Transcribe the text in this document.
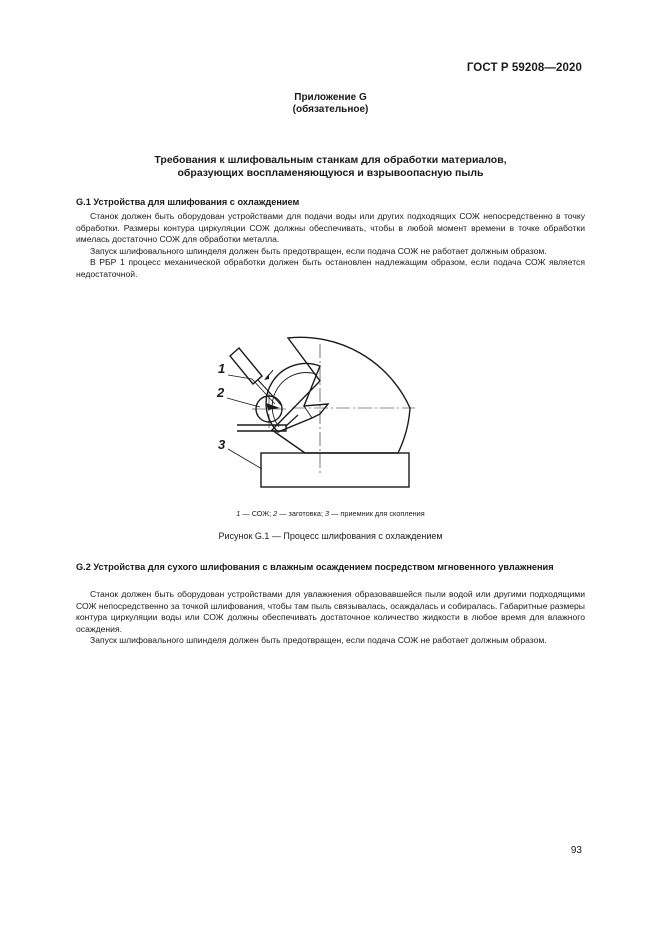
ГОСТ Р 59208—2020
Приложение G
(обязательное)
Требования к шлифовальным станкам для обработки материалов,
образующих воспламеняющуюся и взрывоопасную пыль
G.1 Устройства для шлифования с охлаждением

Станок должен быть оборудован устройствами для подачи воды или других подходящих СОЖ непосредственно в точку обработки. Размеры контура циркуляции СОЖ должны обеспечивать, чтобы в любой момент времени в точке обработки имелась достаточно СОЖ для обработки металла.

Запуск шлифовального шпинделя должен быть предотвращен, если подача СОЖ не работает должным образом.

В РБР 1 процесс механической обработки должен быть остановлен надлежащим образом, если подача СОЖ является недостаточной.

1
2
3
1 — СОЖ; 2 — заготовка; 3 — приемник для скопления
Рисунок G.1 — Процесс шлифования с охлаждением
G.2 Устройства для сухого шлифования с влажным осаждением посредством мгновенного увлажнения

Станок должен быть оборудован устройствами для увлажнения образовавшейся пыли водой или другими подходящими СОЖ непосредственно за точкой шлифования, чтобы там пыль связывалась, осаждалась и собиралась. Габаритные размеры контура циркуляции воды или СОЖ должны обеспечивать достаточное количество жидкости в любое время для влажного осаждения.

Запуск шлифовального шпинделя должен быть предотвращен, если подача СОЖ не работает должным образом.

93
